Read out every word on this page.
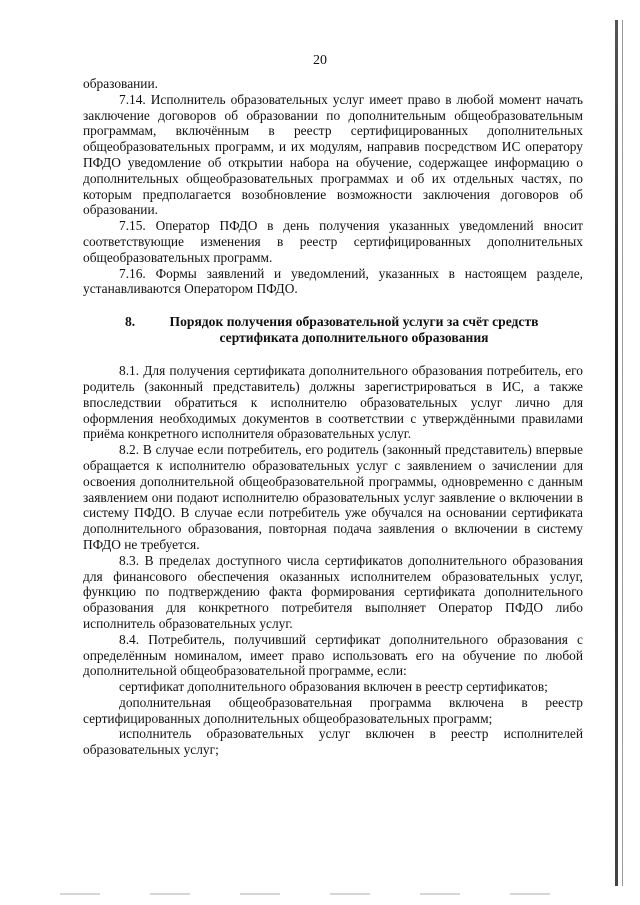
20

образовании.

7.14. Исполнитель образовательных услуг имеет право в любой момент начать заключение договоров об образовании по дополнительным общеобразовательным программам, включённым в реестр сертифицированных дополнительных общеобразовательных программ, и их модулям, направив посредством ИС оператору ПФДО уведомление об открытии набора на обучение, содержащее информацию о дополнительных общеобразовательных программах и об их отдельных частях, по которым предполагается возобновление возможности заключения договоров об образовании.

7.15. Оператор ПФДО в день получения указанных уведомлений вносит соответствующие изменения в реестр сертифицированных дополнительных общеобразовательных программ.

7.16. Формы заявлений и уведомлений, указанных в настоящем разделе, устанавливаются Оператором ПФДО.

8.	Порядок получения образовательной услуги за счёт средств сертификата дополнительного образования

8.1. Для получения сертификата дополнительного образования потребитель, его родитель (законный представитель) должны зарегистрироваться в ИС, а также впоследствии обратиться к исполнителю образовательных услуг лично для оформления необходимых документов в соответствии с утверждёнными правилами приёма конкретного исполнителя образовательных услуг.

8.2. В случае если потребитель, его родитель (законный представитель) впервые обращается к исполнителю образовательных услуг с заявлением о зачислении для освоения дополнительной общеобразовательной программы, одновременно с данным заявлением они подают исполнителю образовательных услуг заявление о включении в систему ПФДО. В случае если потребитель уже обучался на основании сертификата дополнительного образования, повторная подача заявления о включении в систему ПФДО не требуется.

8.3. В пределах доступного числа сертификатов дополнительного образования для финансового обеспечения оказанных исполнителем образовательных услуг, функцию по подтверждению факта формирования сертификата дополнительного образования для конкретного потребителя выполняет Оператор ПФДО либо исполнитель образовательных услуг.

8.4. Потребитель, получивший сертификат дополнительного образования с определённым номиналом, имеет право использовать его на обучение по любой дополнительной общеобразовательной программе, если:

сертификат дополнительного образования включен в реестр сертификатов;

дополнительная общеобразовательная программа включена в реестр сертифицированных дополнительных общеобразовательных программ;

исполнитель образовательных услуг включен в реестр исполнителей образовательных услуг;
